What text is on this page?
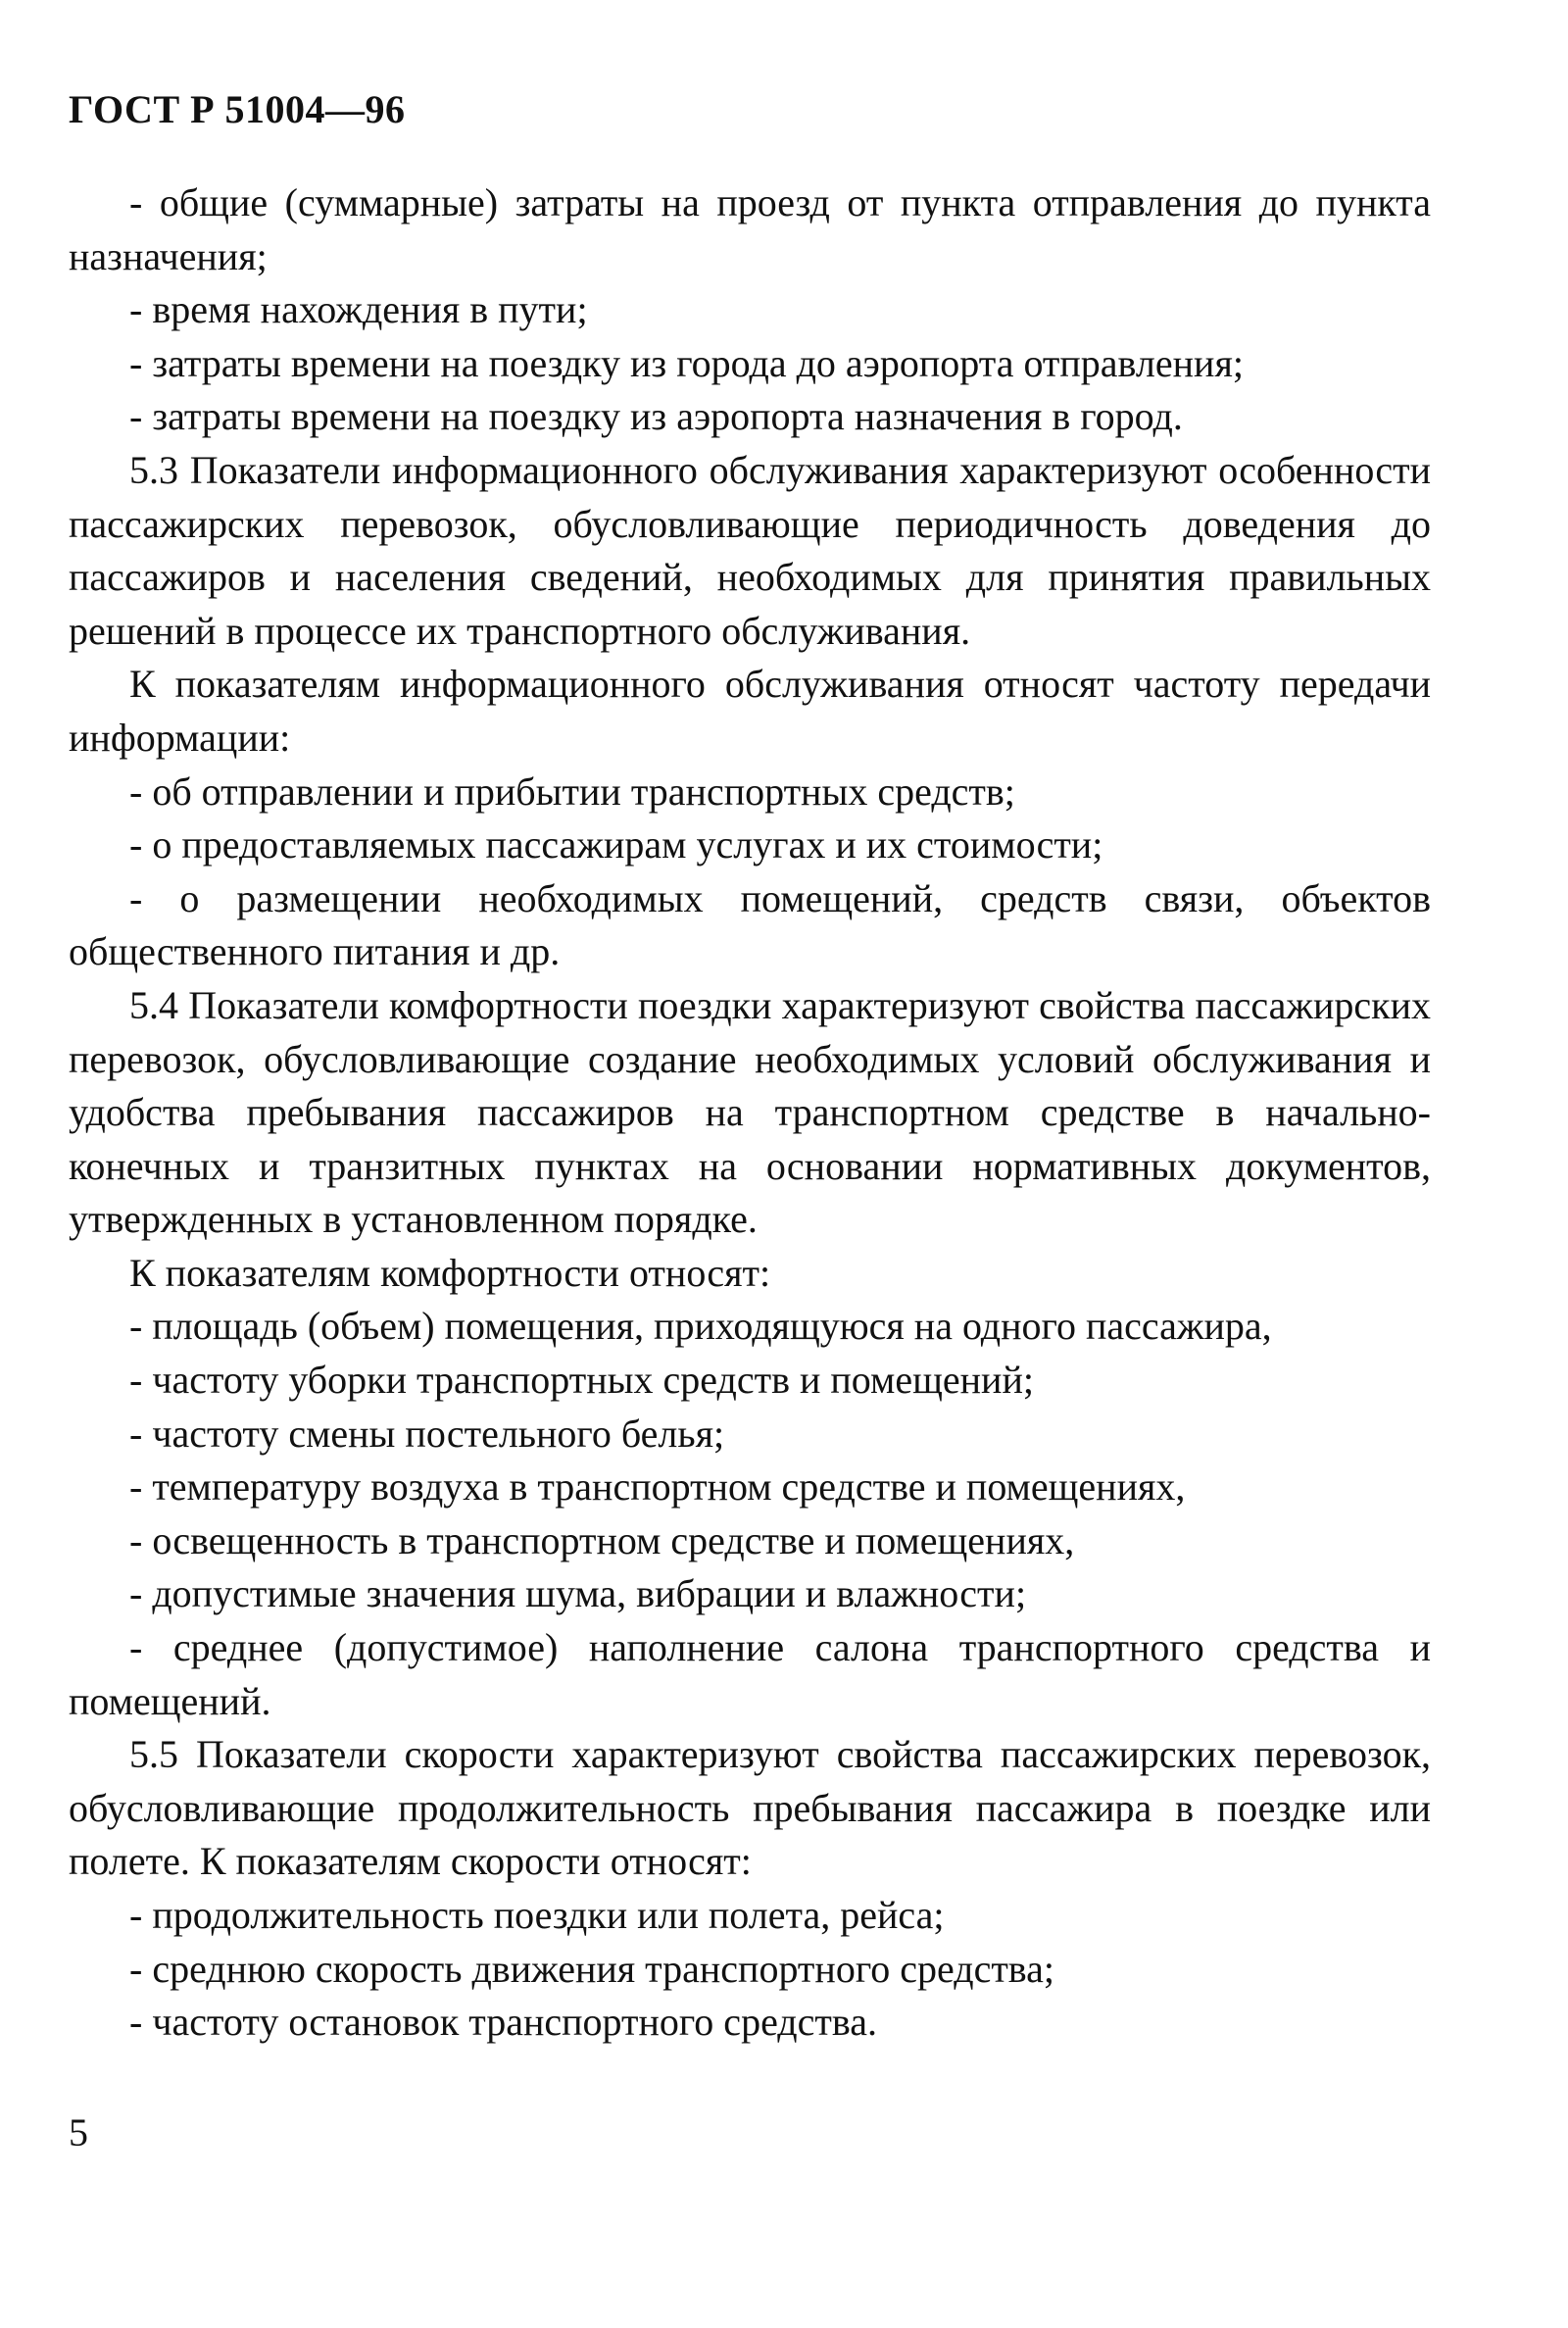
ГОСТ Р 51004—96

- общие (суммарные) затраты на проезд от пункта отправления до пункта назначения;

- время нахождения в пути;

- затраты времени на поездку из города до аэропорта отправления;

- затраты времени на поездку из аэропорта назначения в город.

5.3 Показатели информационного обслуживания характеризуют особенности пассажирских перевозок, обусловливающие периодичность доведения до пассажиров и населения сведений, необходимых для принятия правильных решений в процессе их транспортного обслуживания.

К показателям информационного обслуживания относят частоту передачи информации:

- об отправлении и прибытии транспортных средств;

- о предоставляемых пассажирам услугах и их стоимости;

- о размещении необходимых помещений, средств связи, объектов общественного питания и др.

5.4 Показатели комфортности поездки характеризуют свойства пассажирских перевозок, обусловливающие создание необходимых условий обслуживания и удобства пребывания пассажиров на транспортном средстве в начально-конечных и транзитных пунктах на основании нормативных документов, утвержденных в установленном порядке.

К показателям комфортности относят:

- площадь (объем) помещения, приходящуюся на одного пассажира,

- частоту уборки транспортных средств и помещений;

- частоту смены постельного белья;

- температуру воздуха в транспортном средстве и помещениях,

- освещенность в транспортном средстве и помещениях,

- допустимые значения шума, вибрации и влажности;

- среднее (допустимое) наполнение салона транспортного средства и помещений.

5.5 Показатели скорости характеризуют свойства пассажирских перевозок, обусловливающие продолжительность пребывания пассажира в поездке или полете. К показателям скорости относят:

- продолжительность поездки или полета, рейса;

- среднюю скорость движения транспортного средства;

- частоту остановок транспортного средства.

5
